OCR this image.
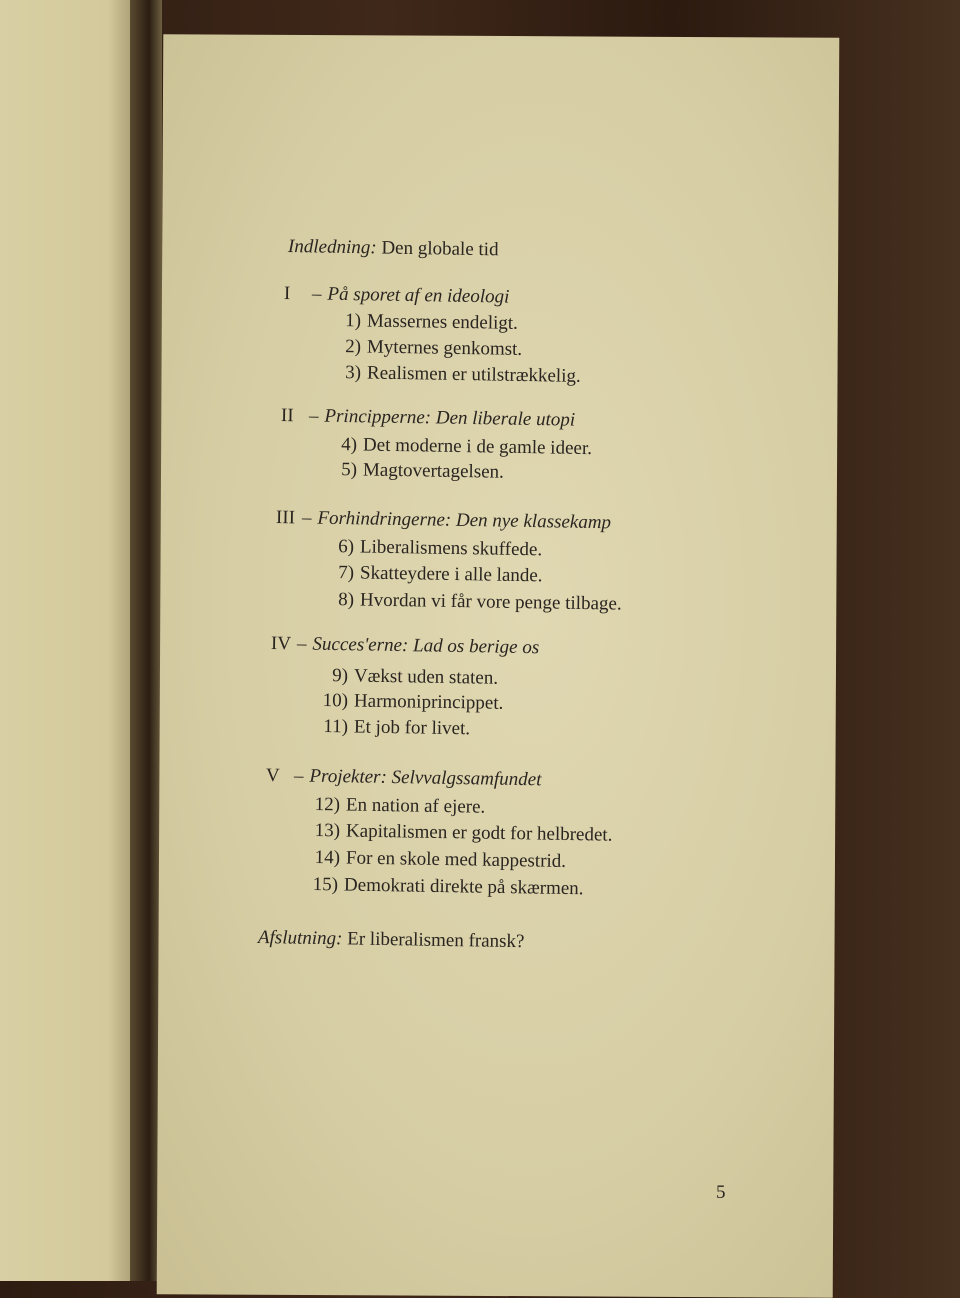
Indledning: Den globale tid
I – På sporet af en ideologi
1) Massernes endeligt.
2) Myternes genkomst.
3) Realismen er utilstrækkelig.
II – Principperne: Den liberale utopi
4) Det moderne i de gamle ideer.
5) Magtovertagelsen.
III – Forhindringerne: Den nye klassekamp
6) Liberalismens skuffede.
7) Skatteydere i alle lande.
8) Hvordan vi får vore penge tilbage.
IV – Succes'erne: Lad os berige os
9) Vækst uden staten.
10) Harmoniprincippet.
11) Et job for livet.
V – Projekter: Selvvalgssamfundet
12) En nation af ejere.
13) Kapitalismen er godt for helbredet.
14) For en skole med kappestrid.
15) Demokrati direkte på skærmen.
Afslutning: Er liberalismen fransk?
5
